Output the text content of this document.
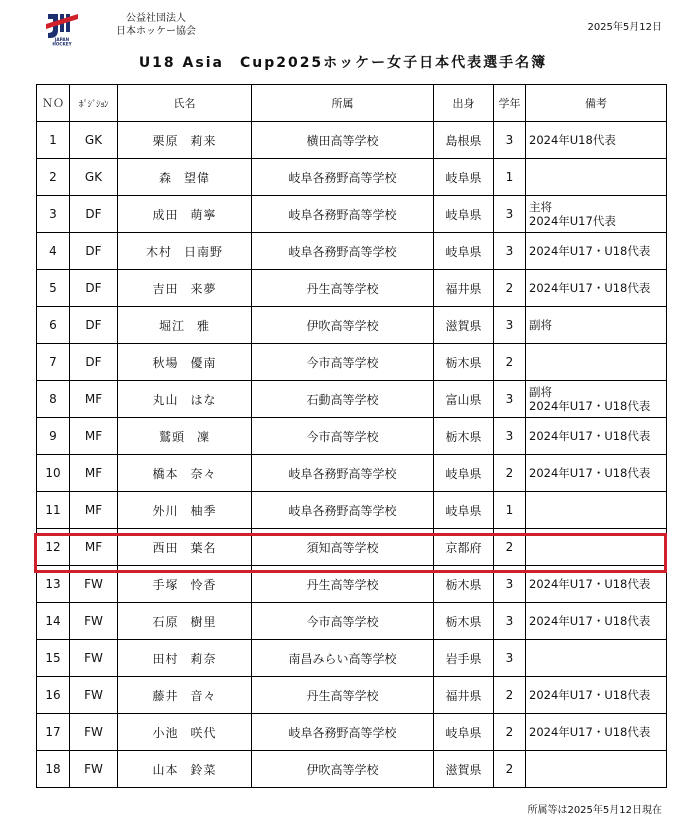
JAPAN
HOCKEY
公益社団法人
日本ホッケー協会	2025年5月12日
U18 Asia　Cup2025ホッケー女子日本代表選手名簿
ＮＯ	ﾎﾟｼﾞｼｮﾝ	氏名	所属	出身	学年	備考
1	GK	栗原 莉来	横田高等学校	島根県	3	2024年U18代表

2	GK	森 望偉	岐阜各務野高等学校	岐阜県	1	

3	DF	成田 萌寧	岐阜各務野高等学校	岐阜県	3	主将
2024年U17代表

4	DF	木村 日南野	岐阜各務野高等学校	岐阜県	3	2024年U17・U18代表

5	DF	吉田 来夢	丹生高等学校	福井県	2	2024年U17・U18代表

6	DF	堀江 雅	伊吹高等学校	滋賀県	3	副将

7	DF	秋場 優南	今市高等学校	栃木県	2	

8	MF	丸山 はな	石動高等学校	富山県	3	副将
2024年U17・U18代表

9	MF	鷲頭 凜	今市高等学校	栃木県	3	2024年U17・U18代表

10	MF	橋本 奈々	岐阜各務野高等学校	岐阜県	2	2024年U17・U18代表

11	MF	外川 柚季	岐阜各務野高等学校	岐阜県	1	

12	MF	西田 葉名	須知高等学校	京都府	2	

13	FW	手塚 怜香	丹生高等学校	栃木県	3	2024年U17・U18代表

14	FW	石原 樹里	今市高等学校	栃木県	3	2024年U17・U18代表

15	FW	田村 莉奈	南昌みらい高等学校	岩手県	3	

16	FW	藤井 音々	丹生高等学校	福井県	2	2024年U17・U18代表

17	FW	小池 咲代	岐阜各務野高等学校	岐阜県	2	2024年U17・U18代表

18	FW	山本 鈴菜	伊吹高等学校	滋賀県	2	
所属等は2025年5月12日現在
